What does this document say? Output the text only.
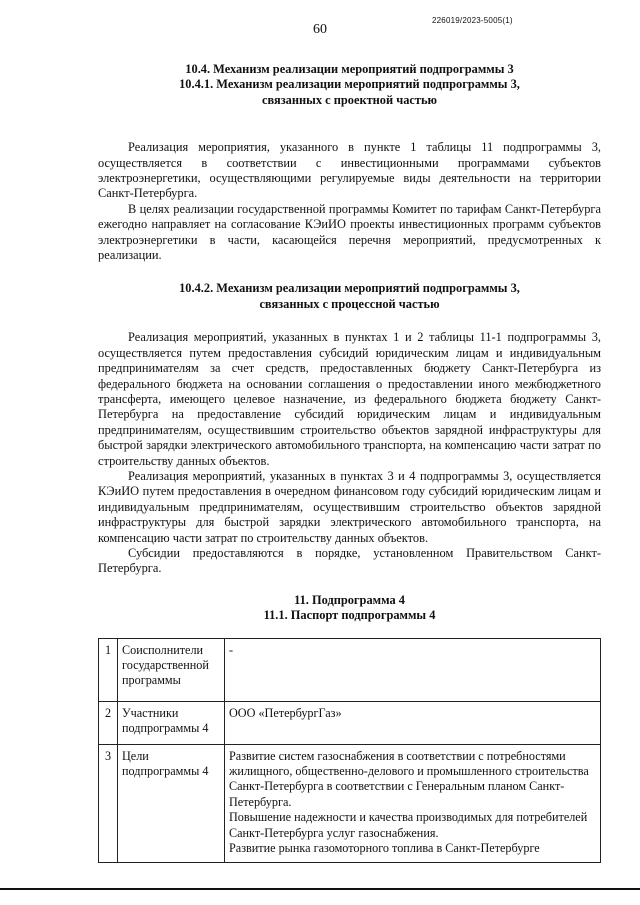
60
226019/2023-5005(1)
10.4. Механизм реализации мероприятий подпрограммы 3
10.4.1. Механизм реализации мероприятий подпрограммы 3,
связанных с проектной частью

Реализация мероприятия, указанного в пункте 1 таблицы 11 подпрограммы 3, осуществляется в соответствии с инвестиционными программами субъектов электроэнергетики, осуществляющими регулируемые виды деятельности на территории Санкт-Петербурга.

В целях реализации государственной программы Комитет по тарифам Санкт-Петербурга ежегодно направляет на согласование КЭиИО проекты инвестиционных программ субъектов электроэнергетики в части, касающейся перечня мероприятий, предусмотренных к реализации.

10.4.2. Механизм реализации мероприятий подпрограммы 3,
связанных с процессной частью

Реализация мероприятий, указанных в пунктах 1 и 2 таблицы 11-1 подпрограммы 3, осуществляется путем предоставления субсидий юридическим лицам и индивидуальным предпринимателям за счет средств, предоставленных бюджету Санкт-Петербурга из федерального бюджета на основании соглашения о предоставлении иного межбюджетного трансферта, имеющего целевое назначение, из федерального бюджета бюджету Санкт-Петербурга на предоставление субсидий юридическим лицам и индивидуальным предпринимателям, осуществившим строительство объектов зарядной инфраструктуры для быстрой зарядки электрического автомобильного транспорта, на компенсацию части затрат по строительству данных объектов.

Реализация мероприятий, указанных в пунктах 3 и 4 подпрограммы 3, осуществляется КЭиИО путем предоставления в очередном финансовом году субсидий юридическим лицам и индивидуальным предпринимателям, осуществившим строительство объектов зарядной инфраструктуры для быстрой зарядки электрического автомобильного транспорта, на компенсацию части затрат по строительству данных объектов.

Субсидии предоставляются в порядке, установленном Правительством Санкт-Петербурга.

11. Подпрограмма 4
11.1. Паспорт подпрограммы 4
1	Соисполнители государственной программы	-
2	Участники подпрограммы 4	ООО «ПетербургГаз»
3	Цели подпрограммы 4	Развитие систем газоснабжения в соответствии с потребностями жилищного, общественно-делового и промышленного строительства Санкт-Петербурга в соответствии с Генеральным планом Санкт-Петербурга.
Повышение надежности и качества производимых для потребителей Санкт-Петербурга услуг газоснабжения.
Развитие рынка газомоторного топлива в Санкт-Петербурге
